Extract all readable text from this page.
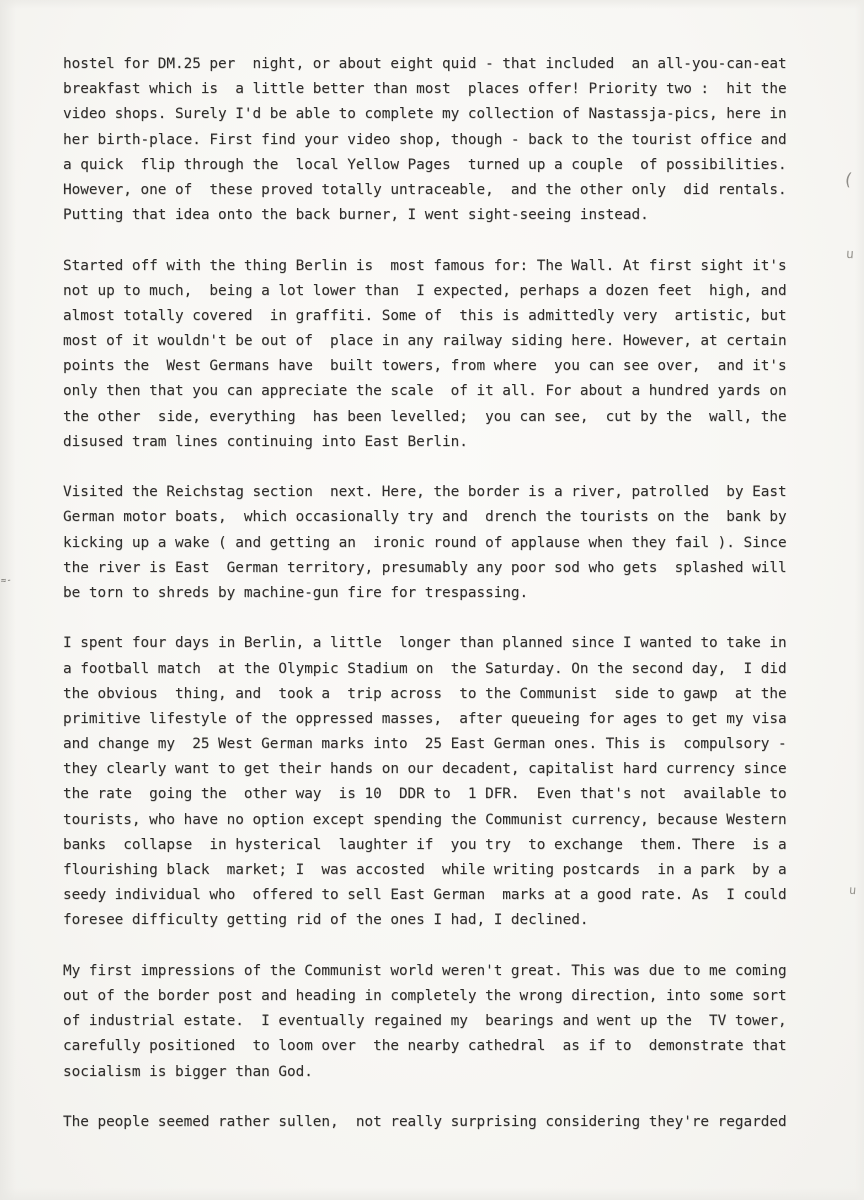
hostel for DM.25 per  night, or about eight quid - that included  an all-you-can-eat
breakfast which is  a little better than most  places offer! Priority two :  hit the
video shops. Surely I'd be able to complete my collection of Nastassja-pics, here in
her birth-place. First find your video shop, though - back to the tourist office and
a quick  flip through the  local Yellow Pages  turned up a couple  of possibilities.
However, one of  these proved totally untraceable,  and the other only  did rentals.
Putting that idea onto the back burner, I went sight-seeing instead.
Started off with the thing Berlin is  most famous for: The Wall. At first sight it's
not up to much,  being a lot lower than  I expected, perhaps a dozen feet  high, and
almost totally covered  in graffiti. Some of  this is admittedly very  artistic, but
most of it wouldn't be out of  place in any railway siding here. However, at certain
points the  West Germans have  built towers, from where  you can see over,  and it's
only then that you can appreciate the scale  of it all. For about a hundred yards on
the other  side, everything  has been levelled;  you can see,  cut by the  wall, the
disused tram lines continuing into East Berlin.
Visited the Reichstag section  next. Here, the border is a river, patrolled  by East
German motor boats,  which occasionally try and  drench the tourists on the  bank by
kicking up a wake ( and getting an  ironic round of applause when they fail ). Since
the river is East  German territory, presumably any poor sod who gets  splashed will
be torn to shreds by machine-gun fire for trespassing.
I spent four days in Berlin, a little  longer than planned since I wanted to take in
a football match  at the Olympic Stadium on  the Saturday. On the second day,  I did
the obvious  thing, and  took a  trip across  to the Communist  side to gawp  at the
primitive lifestyle of the oppressed masses,  after queueing for ages to get my visa
and change my  25 West German marks into  25 East German ones. This is  compulsory -
they clearly want to get their hands on our decadent, capitalist hard currency since
the rate  going the  other way  is 10  DDR to  1 DFR.  Even that's not  available to
tourists, who have no option except spending the Communist currency, because Western
banks  collapse  in hysterical  laughter if  you try  to exchange  them. There  is a
flourishing black  market; I  was accosted  while writing postcards  in a park  by a
seedy individual who  offered to sell East German  marks at a good rate. As  I could
foresee difficulty getting rid of the ones I had, I declined.
My first impressions of the Communist world weren't great. This was due to me coming
out of the border post and heading in completely the wrong direction, into some sort
of industrial estate.  I eventually regained my  bearings and went up the  TV tower,
carefully positioned  to loom over  the nearby cathedral  as if to  demonstrate that
socialism is bigger than God.
The people seemed rather sullen,  not really surprising considering they're regarded
(
u
≈-
u
